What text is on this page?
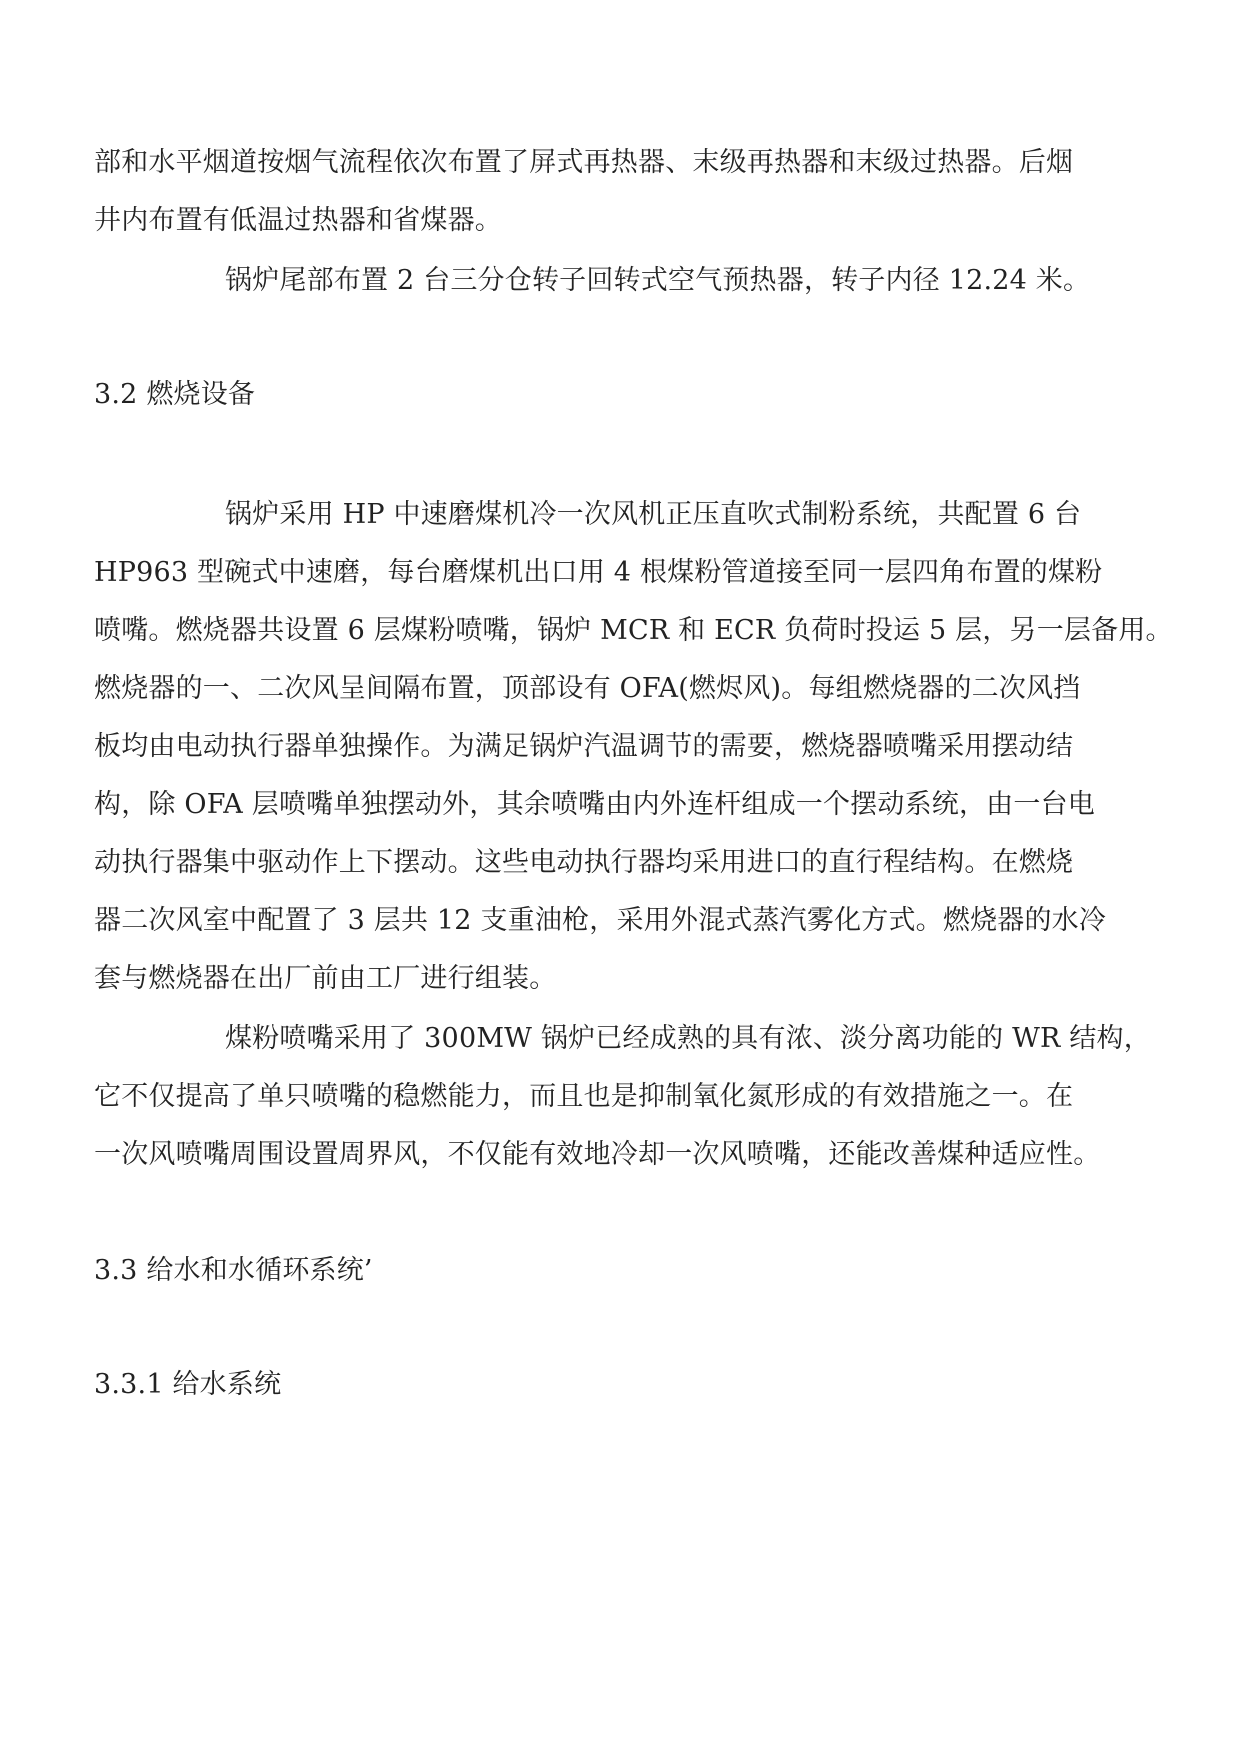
部和水平烟道按烟气流程依次布置了屏式再热器、末级再热器和末级过热器。后烟
井内布置有低温过热器和省煤器。
锅炉尾部布置 2 台三分仓转子回转式空气预热器，转子内径 12.24 米。
3.2 燃烧设备
锅炉采用 HP 中速磨煤机冷一次风机正压直吹式制粉系统，共配置 6 台
HP963 型碗式中速磨，每台磨煤机出口用 4 根煤粉管道接至同一层四角布置的煤粉
喷嘴。燃烧器共设置 6 层煤粉喷嘴，锅炉 MCR 和 ECR 负荷时投运 5 层，另一层备用。
燃烧器的一、二次风呈间隔布置，顶部设有 OFA(燃烬风)。每组燃烧器的二次风挡
板均由电动执行器单独操作。为满足锅炉汽温调节的需要，燃烧器喷嘴采用摆动结
构，除 OFA 层喷嘴单独摆动外，其余喷嘴由内外连杆组成一个摆动系统，由一台电
动执行器集中驱动作上下摆动。这些电动执行器均采用进口的直行程结构。在燃烧
器二次风室中配置了 3 层共 12 支重油枪，采用外混式蒸汽雾化方式。燃烧器的水冷
套与燃烧器在出厂前由工厂进行组装。
煤粉喷嘴采用了 300MW 锅炉已经成熟的具有浓、淡分离功能的 WR 结构，
它不仅提高了单只喷嘴的稳燃能力，而且也是抑制氧化氮形成的有效措施之一。在
一次风喷嘴周围设置周界风，不仅能有效地冷却一次风喷嘴，还能改善煤种适应性。
3.3 给水和水循环系统’
3.3.1 给水系统
